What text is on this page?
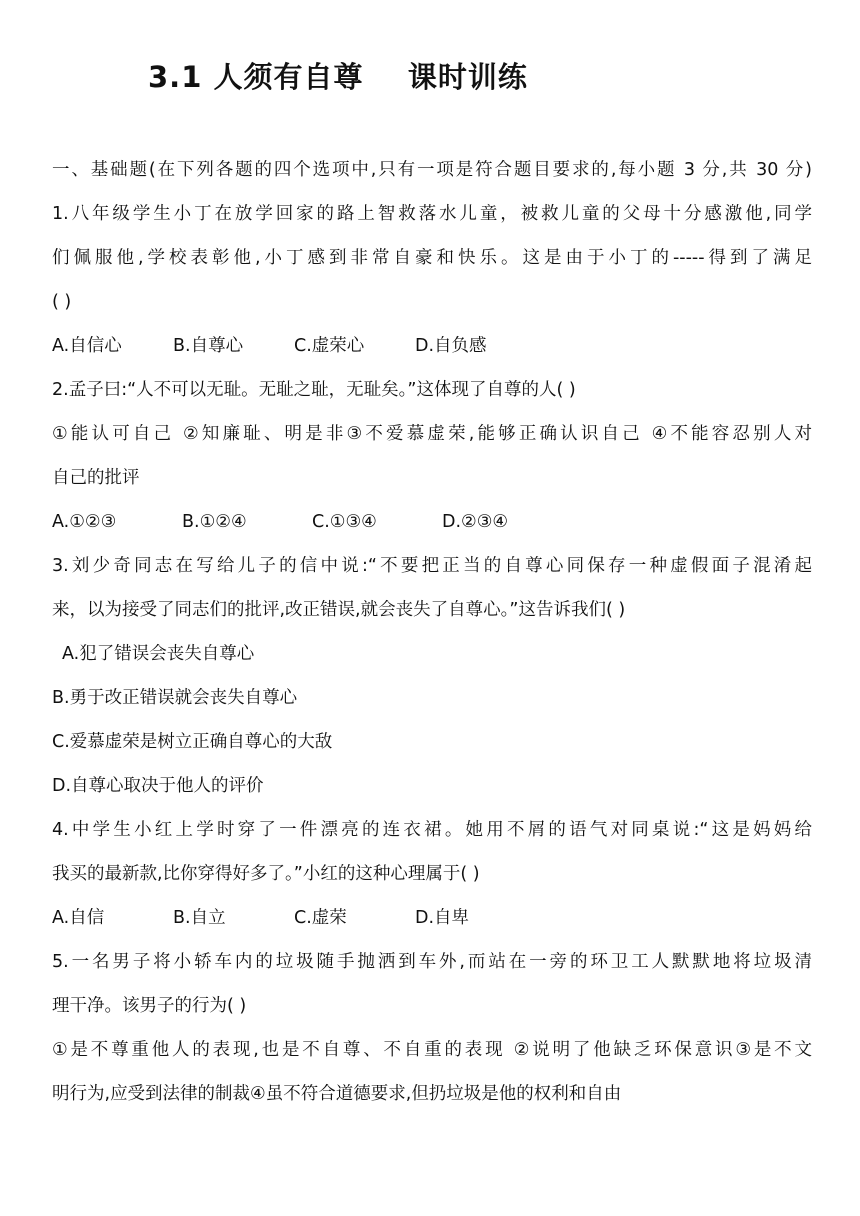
3.1 人须有自尊    课时训练
一、基础题(在下列各题的四个选项中,只有一项是符合题目要求的,每小题 3 分,共 30 分)
1.八年级学生小丁在放学回家的路上智救落水儿童，被救儿童的父母十分感激他,同学
们佩服他,学校表彰他,小丁感到非常自豪和快乐。这是由于小丁的-----得到了满足
( )
A.自信心	B.自尊心	C.虚荣心	D.自负感
2.孟子曰:“人不可以无耻。无耻之耻，无耻矣。”这体现了自尊的人( )
①能认可自己 ②知廉耻、明是非③不爱慕虚荣,能够正确认识自己 ④不能容忍别人对
自己的批评
A.①②③	B.①②④	C.①③④	D.②③④
3.刘少奇同志在写给儿子的信中说:“不要把正当的自尊心同保存一种虚假面子混淆起
来，以为接受了同志们的批评,改正错误,就会丧失了自尊心。”这告诉我们( )
A.犯了错误会丧失自尊心
B.勇于改正错误就会丧失自尊心
C.爱慕虚荣是树立正确自尊心的大敌
D.自尊心取决于他人的评价
4.中学生小红上学时穿了一件漂亮的连衣裙。她用不屑的语气对同桌说:“这是妈妈给
我买的最新款,比你穿得好多了。”小红的这种心理属于( )
A.自信	B.自立	C.虚荣	D.自卑
5.一名男子将小轿车内的垃圾随手抛洒到车外,而站在一旁的环卫工人默默地将垃圾清
理干净。该男子的行为( )
①是不尊重他人的表现,也是不自尊、不自重的表现 ②说明了他缺乏环保意识③是不文
明行为,应受到法律的制裁④虽不符合道德要求,但扔垃圾是他的权利和自由
